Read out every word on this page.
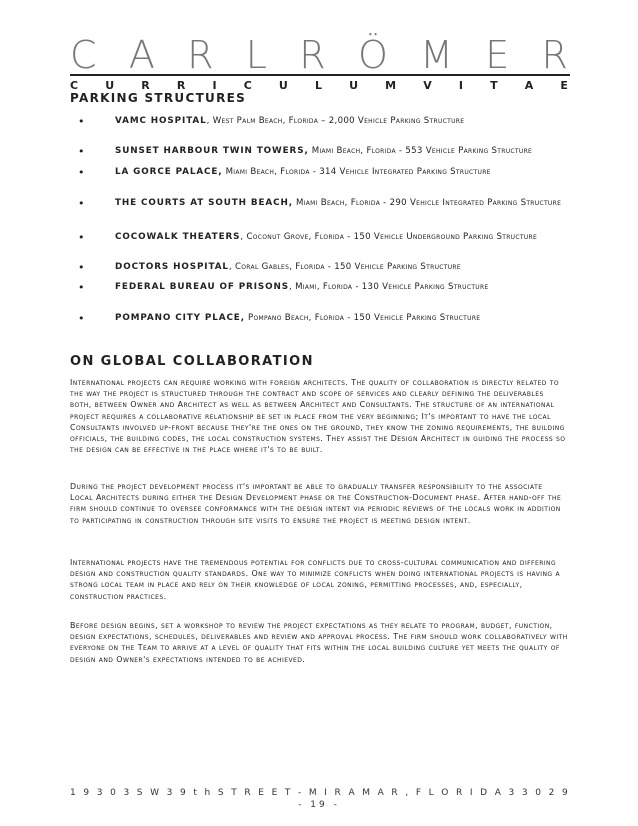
C A R L R Ö M E R
C U R R I C U L U M V I T A E
PARKING STRUCTURES
•	VAMC HOSPITAL, West Palm Beach, Florida – 2,000 Vehicle Parking Structure
•	SUNSET HARBOUR TWIN TOWERS, Miami Beach, Florida - 553 Vehicle Parking Structure
•	LA GORCE PALACE, Miami Beach, Florida - 314 Vehicle Integrated Parking Structure
•	THE COURTS AT SOUTH BEACH, Miami Beach, Florida - 290 Vehicle Integrated Parking Structure
•	COCOWALK THEATERS, Coconut Grove, Florida - 150 Vehicle Underground Parking Structure
•	DOCTORS HOSPITAL, Coral Gables, Florida - 150 Vehicle Parking Structure
•	FEDERAL BUREAU OF PRISONS, Miami, Florida - 130 Vehicle Parking Structure
•	POMPANO CITY PLACE, Pompano Beach, Florida - 150 Vehicle Parking Structure
ON GLOBAL COLLABORATION

International projects can require working with foreign architects. The quality of collaboration is directly related to the way the project is structured through the contract and scope of services and clearly defining the deliverables both, between Owner and Architect as well as between Architect and Consultants. The structure of an international project requires a collaborative relationship be set in place from the very beginning; It's important to have the local Consultants involved up-front because they're the ones on the ground, they know the zoning requirements, the building officials, the building codes, the local construction systems. They assist the Design Architect in guiding the process so the design can be effective in the place where it's to be built.

During the project development process it's important be able to gradually transfer responsibility to the associate Local Architects during either the Design Development phase or the Construction-Document phase. After hand-off the firm should continue to oversee conformance with the design intent via periodic reviews of the locals work in addition to participating in construction through site visits to ensure the project is meeting design intent.

International projects have the tremendous potential for conflicts due to cross-cultural communication and differing design and construction quality standards. One way to minimize conflicts when doing international projects is having a strong local team in place and rely on their knowledge of local zoning, permitting processes, and, especially, construction practices.

Before design begins, set a workshop to review the project expectations as they relate to program, budget, function, design expectations, schedules, deliverables and review and approval process. The firm should work collaboratively with everyone on the Team to arrive at a level of quality that fits within the local building culture yet meets the quality of design and Owner's expectations intended to be achieved.

1 9 3 0 3 S W 3 9 t h S T R E E T - M I R A M A R , F L O R I D A 3 3 0 2 9
- 19 -
